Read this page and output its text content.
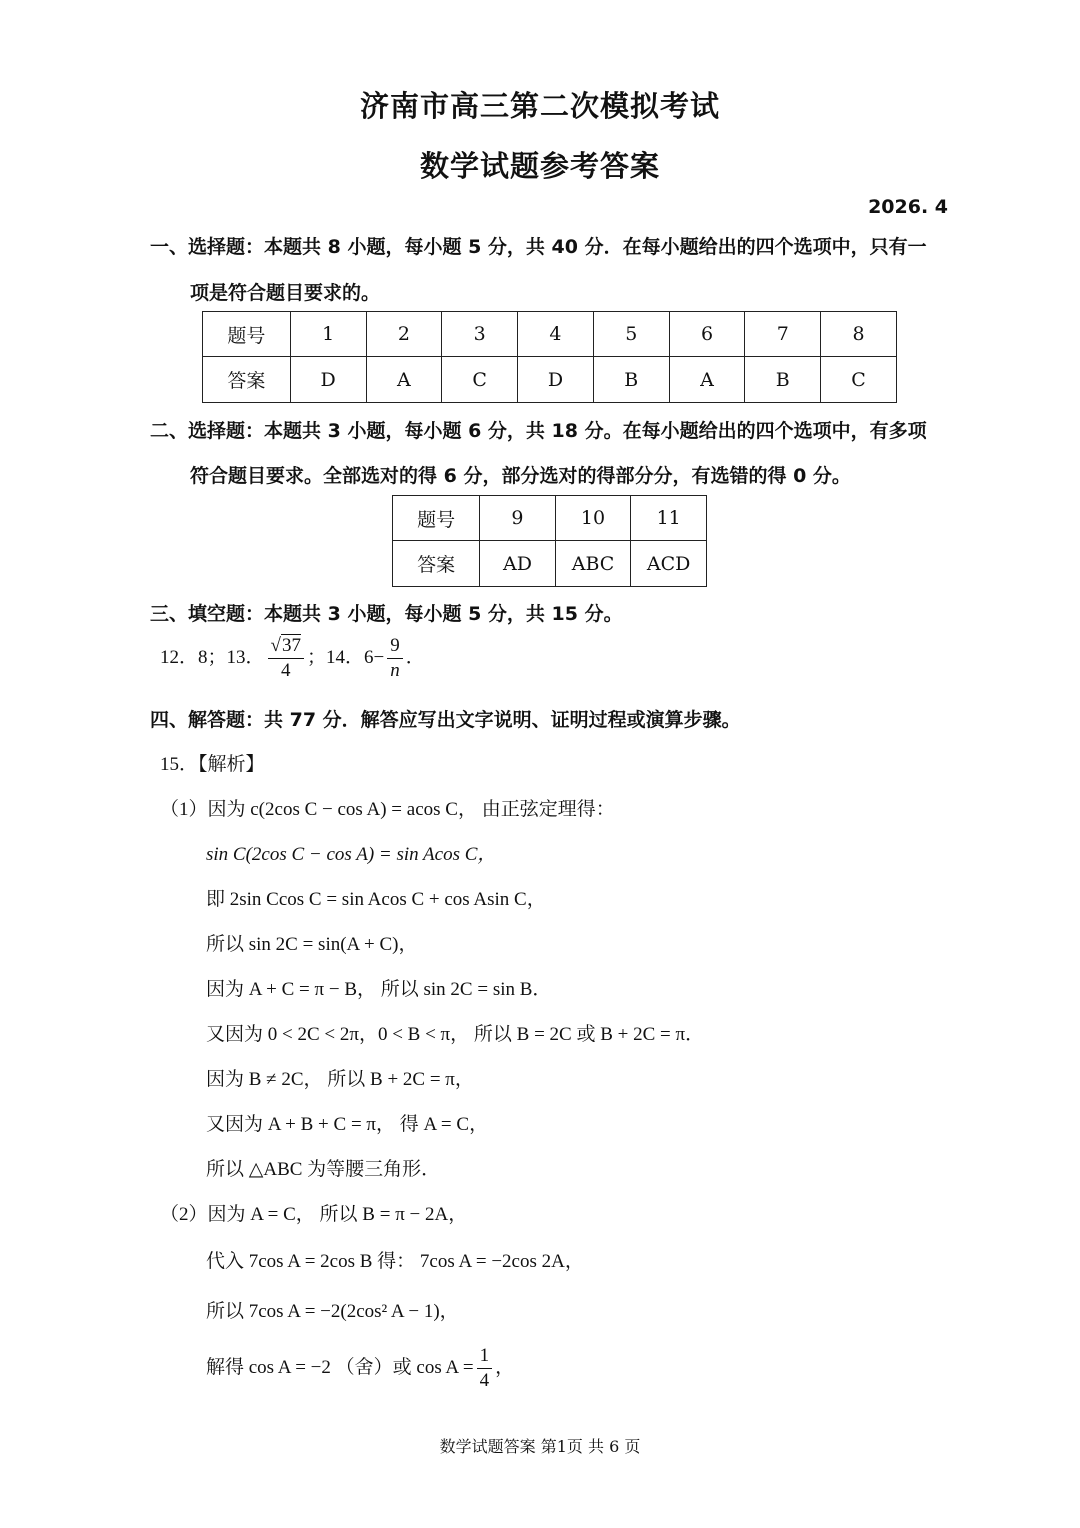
济南市高三第二次模拟考试
数学试题参考答案
2026. 4
一、选择题：本题共 8 小题，每小题 5 分，共 40 分．在每小题给出的四个选项中，只有一
项是符合题目要求的。
题号	1	2	3	4	5	6	7	8
答案	D	A	C	D	B	A	B	C
二、选择题：本题共 3 小题，每小题 6 分，共 18 分。在每小题给出的四个选项中，有多项
符合题目要求。全部选对的得 6 分，部分选对的得部分分，有选错的得 0 分。
题号	9	10	11
答案	AD	ABC	ACD
三、填空题：本题共 3 小题，每小题 5 分，共 15 分。
12．8；13． $\frac{√37}{4}$ ；14．$6- \frac{9}{n}$ ．
四、解答题：共 77 分．解答应写出文字说明、证明过程或演算步骤。
15．【解析】
（1）因为 c(2cos C − cos A) = acos C， 由正弦定理得：
sin C(2cos C − cos A) = sin Acos C，
即 2sin Ccos C = sin Acos C + cos Asin C，
所以 sin 2C = sin(A + C)，
因为 A + C = π − B， 所以 sin 2C = sin B．
又因为 0 < 2C < 2π，0 < B < π， 所以 B = 2C 或 B + 2C = π．
因为 B ≠ 2C， 所以 B + 2C = π，
又因为 A + B + C = π， 得 A = C，
所以 △ABC 为等腰三角形．
（2）因为 A = C， 所以 B = π − 2A，
代入 7cos A = 2cos B 得： 7cos A = −2cos 2A，
所以 7cos A = −2(2cos² A − 1)，
解得 cos A = −2 （舍）或 $\cos A = \frac{1}{4}$ ，
数学试题答案 第1页 共 6 页
